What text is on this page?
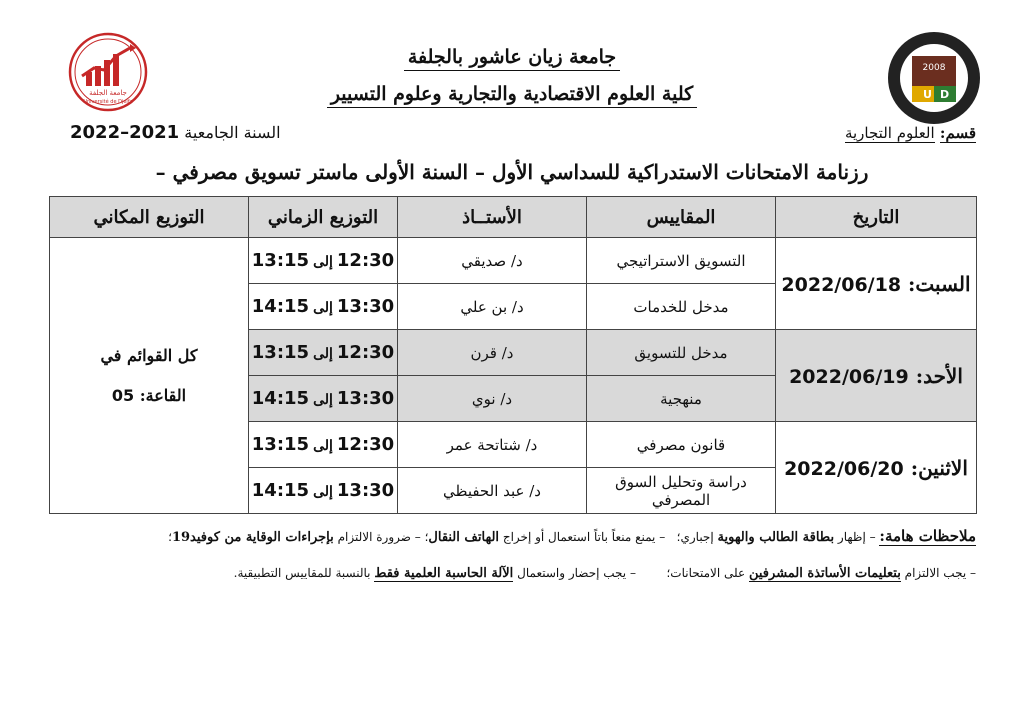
جامعة الجلفة
Université de Djelfa
U D
2008
جامعة زيان عاشور بالجلفة
كلية العلوم الاقتصادية والتجارية وعلوم التسيير
قسم: العلوم التجارية
السنة الجامعية 2022–2021
رزنامة الامتحانات الاستدراكية للسداسي الأول – السنة الأولى ماستر تسويق مصرفي –
التاريخ	المقاييس	الأستــاذ	التوزيع الزماني	التوزيع المكاني
السبت: 2022/06/18	التسويق الاستراتيجي	د/ صديقي	12:30إلى13:15	كل القوائم في
القاعة: 05

	مدخل للخدمات	د/ بن علي	13:30إلى14:15	
الأحد: 2022/06/19	مدخل للتسويق	د/ قرن	12:30إلى13:15	
	منهجية	د/ نوي	13:30إلى14:15	
الاثنين: 2022/06/20	قانون مصرفي	د/ شتاتحة عمر	12:30إلى13:15	
	دراسة وتحليل السوق المصرفي	د/ عبد الحفيظي	13:30إلى14:15	
ملاحظات هامة: – إظهار بطاقة الطالب والهوية إجباري؛   – يمنع منعاً باتاً استعمال أو إخراج الهاتف النقال؛ – ضرورة الالتزام بإجراءات الوقاية من كوفيد19؛
– يجب الالتزام بتعليمات الأساتذة المشرفين على الامتحانات؛        – يجب إحضار واستعمال الآلة الحاسبة العلمية فقط بالنسبة للمقاييس التطبيقية.
